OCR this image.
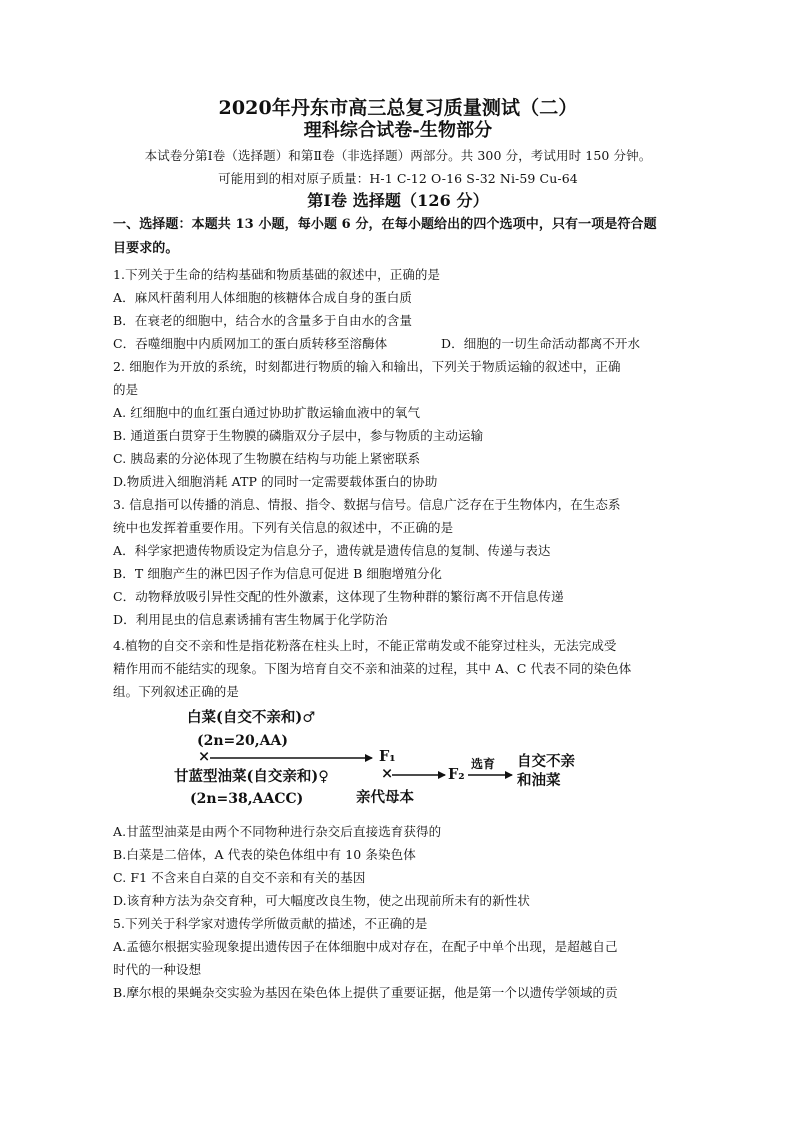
2020年丹东市高三总复习质量测试（二）
理科综合试卷-生物部分
本试卷分第Ⅰ卷（选择题）和第Ⅱ卷（非选择题）两部分。共 300 分，考试用时 150 分钟。
可能用到的相对原子质量：H-1 C-12 O-16 S-32 Ni-59 Cu-64
第Ⅰ卷 选择题（126 分）
一、选择题：本题共 13 小题，每小题 6 分，在每小题给出的四个选项中，只有一项是符合题
目要求的。
1.下列关于生命的结构基础和物质基础的叙述中，正确的是
A．麻风杆菌利用人体细胞的核糖体合成自身的蛋白质
B．在衰老的细胞中，结合水的含量多于自由水的含量
C．吞噬细胞中内质网加工的蛋白质转移至溶酶体	D．细胞的一切生命活动都离不开水
2. 细胞作为开放的系统，时刻都进行物质的输入和输出，下列关于物质运输的叙述中，正确
的是
A. 红细胞中的血红蛋白通过协助扩散运输血液中的氧气
B. 通道蛋白贯穿于生物膜的磷脂双分子层中，参与物质的主动运输
C. 胰岛素的分泌体现了生物膜在结构与功能上紧密联系
D.物质进入细胞消耗 ATP 的同时一定需要载体蛋白的协助
3. 信息指可以传播的消息、情报、指令、数据与信号。信息广泛存在于生物体内，在生态系
统中也发挥着重要作用。下列有关信息的叙述中，不正确的是
A．科学家把遗传物质设定为信息分子，遗传就是遗传信息的复制、传递与表达
B．T 细胞产生的淋巴因子作为信息可促进 B 细胞增殖分化
C．动物释放吸引异性交配的性外激素，这体现了生物种群的繁衍离不开信息传递
D．利用昆虫的信息素诱捕有害生物属于化学防治
4.植物的自交不亲和性是指花粉落在柱头上时，不能正常萌发或不能穿过柱头，无法完成受
精作用而不能结实的现象。下图为培育自交不亲和油菜的过程，其中 A、C 代表不同的染色体
组。下列叙述正确的是
白菜(自交不亲和)♂
(2n=20,AA)
×
甘蓝型油菜(自交亲和)♀
(2n=38,AACC)
F₁
×
亲代母本
F₂
选育 自交不亲
和油菜
A.甘蓝型油菜是由两个不同物种进行杂交后直接选育获得的
B.白菜是二倍体，A 代表的染色体组中有 10 条染色体
C. F1 不含来自白菜的自交不亲和有关的基因
D.该育种方法为杂交育种，可大幅度改良生物，使之出现前所未有的新性状
5.下列关于科学家对遗传学所做贡献的描述，不正确的是
A.孟德尔根据实验现象提出遗传因子在体细胞中成对存在，在配子中单个出现，是超越自己
时代的一种设想
B.摩尔根的果蝇杂交实验为基因在染色体上提供了重要证据，他是第一个以遗传学领域的贡
